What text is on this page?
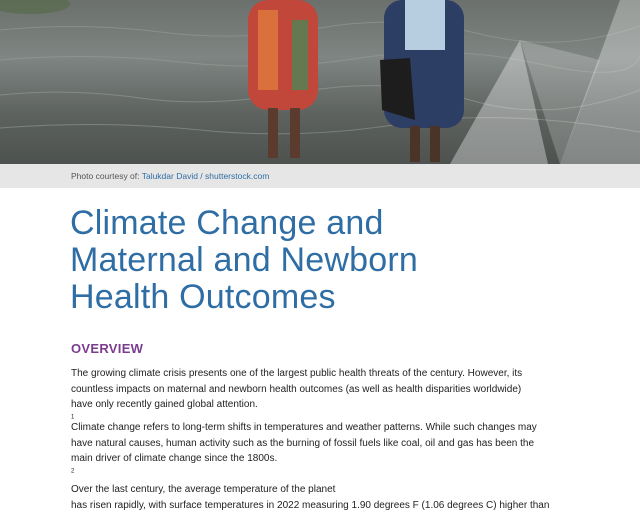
Photo courtesy of: Talukdar David / shutterstock.com
Climate Change and
Maternal and Newborn
Health Outcomes
OVERVIEW
The growing climate crisis presents one of the largest public health threats of the century. However, its
countless impacts on maternal and newborn health outcomes (as well as health disparities worldwide)
have only recently gained global attention.
$^1$
Climate change refers to long-term shifts in temperatures and weather patterns. While such changes may
have natural causes, human activity such as the burning of fossil fuels like coal, oil and gas has been the
main driver of climate change since the 1800s.
$^2$
Over the last century, the average temperature of the planet
has risen rapidly, with surface temperatures in 2022 measuring 1.90 degrees F (1.06 degrees C) higher than
